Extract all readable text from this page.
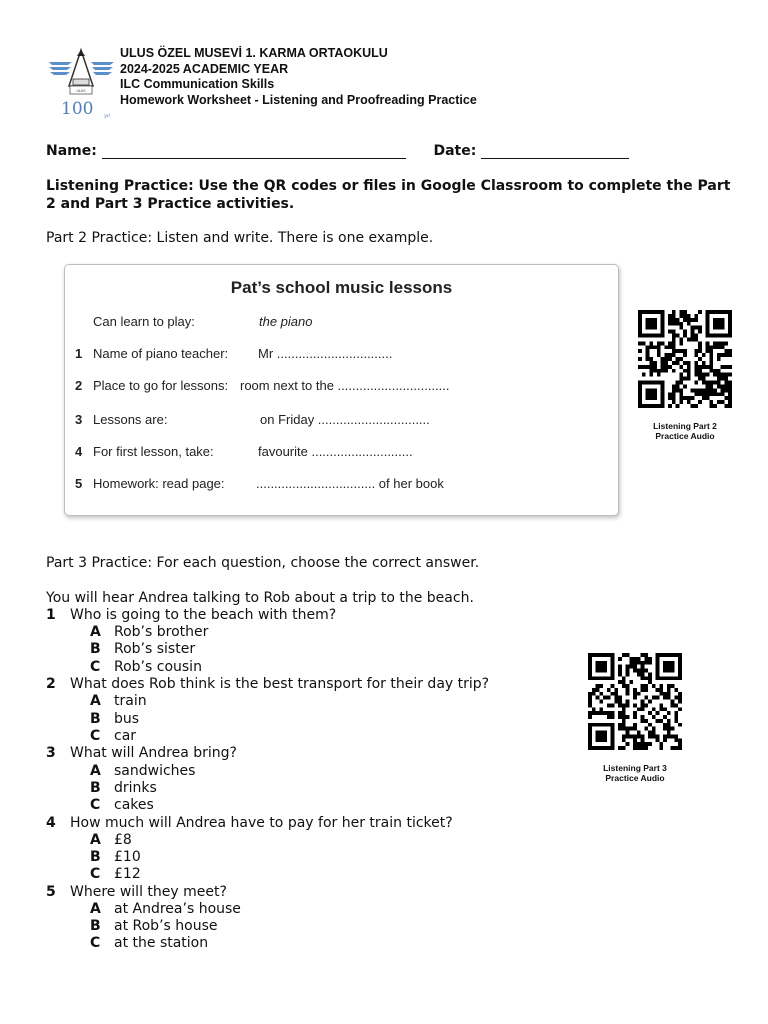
ULUS
100 yıl
ULUS ÖZEL MUSEVİ 1. KARMA ORTAOKULU
2024-2025 ACADEMIC YEAR
ILC Communication Skills
Homework Worksheet - Listening and Proofreading Practice
Name:	Date:
Listening Practice: Use the QR codes or files in Google Classroom to complete the Part 2 and Part 3 Practice activities.
Part 2 Practice: Listen and write. There is one example.
Pat’s school music lessons
Can learn to play:	the piano
1 Name of piano teacher: Mr ................................
2 Place to go for lessons: room next to the ...............................
3 Lessons are:	on Friday ...............................
4 For first lesson, take:	favourite ............................
5 Homework: read page: ................................. of her book
Listening Part 2
Practice Audio
Part 3 Practice: For each question, choose the correct answer.
You will hear Andrea talking to Rob about a trip to the beach.
1 Who is going to the beach with them?
A Rob’s brother
B Rob’s sister
C Rob’s cousin
2 What does Rob think is the best transport for their day trip?
A train
B bus
C car
3 What will Andrea bring?
A sandwiches
B drinks
C cakes
4 How much will Andrea have to pay for her train ticket?
A £8
B £10
C £12
5 Where will they meet?
A at Andrea’s house
B at Rob’s house
C at the station
Listening Part 3
Practice Audio
